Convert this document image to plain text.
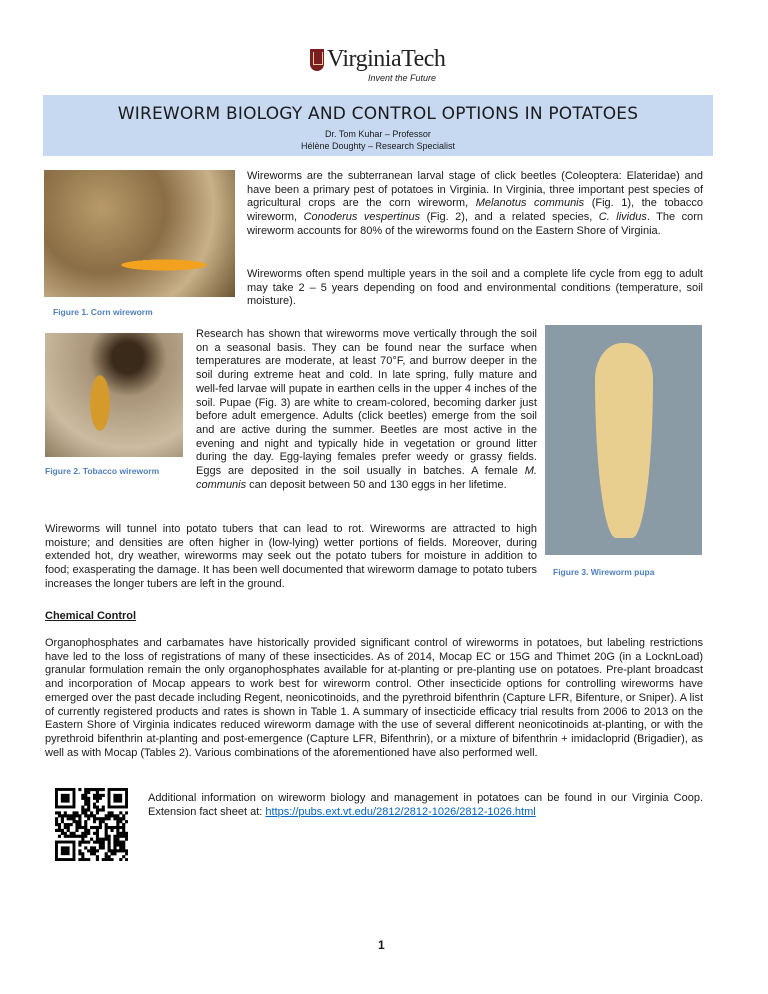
VirginiaTech
Invent the Future
WIREWORM BIOLOGY AND CONTROL OPTIONS IN POTATOES
Dr. Tom Kuhar – Professor
Hélène Doughty – Research Specialist
Figure 1. Corn wireworm

Wireworms are the subterranean larval stage of click beetles (Coleoptera: Elateridae) and have been a primary pest of potatoes in Virginia. In Virginia, three important pest species of agricultural crops are the corn wireworm, Melanotus communis (Fig. 1), the tobacco wireworm, Conoderus vespertinus (Fig. 2), and a related species, C. lividus. The corn wireworm accounts for 80% of the wireworms found on the Eastern Shore of Virginia.

Wireworms often spend multiple years in the soil and a complete life cycle from egg to adult may take 2 – 5 years depending on food and environmental conditions (temperature, soil moisture).

Figure 2. Tobacco wireworm

Research has shown that wireworms move vertically through the soil on a seasonal basis. They can be found near the surface when temperatures are moderate, at least 70°F, and burrow deeper in the soil during extreme heat and cold. In late spring, fully mature and well-fed larvae will pupate in earthen cells in the upper 4 inches of the soil. Pupae (Fig. 3) are white to cream-colored, becoming darker just before adult emergence. Adults (click beetles) emerge from the soil and are active during the summer. Beetles are most active in the evening and night and typically hide in vegetation or ground litter during the day. Egg-laying females prefer weedy or grassy fields. Eggs are deposited in the soil usually in batches. A female M. communis can deposit between 50 and 130 eggs in her lifetime.

Figure 3. Wireworm pupa

Wireworms will tunnel into potato tubers that can lead to rot. Wireworms are attracted to high moisture; and densities are often higher in (low-lying) wetter portions of fields. Moreover, during extended hot, dry weather, wireworms may seek out the potato tubers for moisture in addition to food; exasperating the damage. It has been well documented that wireworm damage to potato tubers increases the longer tubers are left in the ground.

Chemical Control

Organophosphates and carbamates have historically provided significant control of wireworms in potatoes, but labeling restrictions have led to the loss of registrations of many of these insecticides. As of 2014, Mocap EC or 15G and Thimet 20G (in a LocknLoad) granular formulation remain the only organophosphates available for at-planting or pre-planting use on potatoes. Pre-plant broadcast and incorporation of Mocap appears to work best for wireworm control. Other insecticide options for controlling wireworms have emerged over the past decade including Regent, neonicotinoids, and the pyrethroid bifenthrin (Capture LFR, Bifenture, or Sniper). A list of currently registered products and rates is shown in Table 1. A summary of insecticide efficacy trial results from 2006 to 2013 on the Eastern Shore of Virginia indicates reduced wireworm damage with the use of several different neonicotinoids at-planting, or with the pyrethroid bifenthrin at-planting and post-emergence (Capture LFR, Bifenthrin), or a mixture of bifenthrin + imidacloprid (Brigadier), as well as with Mocap (Tables 2). Various combinations of the aforementioned have also performed well.

Additional information on wireworm biology and management in potatoes can be found in our Virginia Coop. Extension fact sheet at: https://pubs.ext.vt.edu/2812/2812-1026/2812-1026.html

1
